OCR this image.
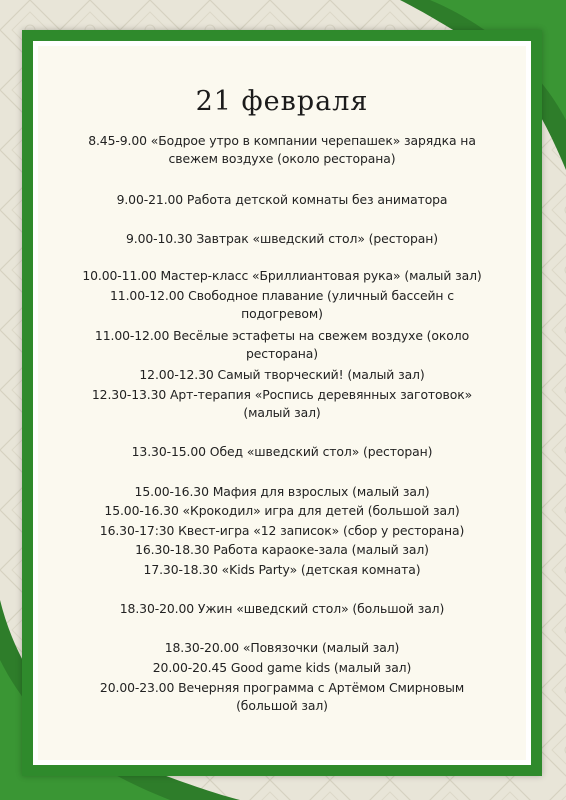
21 февраля
8.45-9.00 «Бодрое утро в компании черепашек» зарядка на
свежем воздухе (около ресторана)
9.00-21.00 Работа детской комнаты без аниматора
9.00-10.30 Завтрак «шведский стол» (ресторан)
10.00-11.00 Мастер-класс «Бриллиантовая рука» (малый зал)
11.00-12.00 Свободное плавание (уличный бассейн с
подогревом)
11.00-12.00 Весёлые эстафеты на свежем воздухе (около
ресторана)
12.00-12.30 Самый творческий! (малый зал)
12.30-13.30 Арт-терапия «Роспись деревянных заготовок»
(малый зал)
13.30-15.00 Обед «шведский стол» (ресторан)
15.00-16.30 Мафия для взрослых (малый зал)
15.00-16.30 «Крокодил» игра для детей (большой зал)
16.30-17:30 Квест-игра «12 записок» (сбор у ресторана)
16.30-18.30 Работа караоке-зала (малый зал)
17.30-18.30 «Kids Party» (детская комната)
18.30-20.00 Ужин «шведский стол» (большой зал)
18.30-20.00 «Повязочки (малый зал)
20.00-20.45 Good game kids (малый зал)
20.00-23.00 Вечерняя программа с Артёмом Смирновым
(большой зал)
